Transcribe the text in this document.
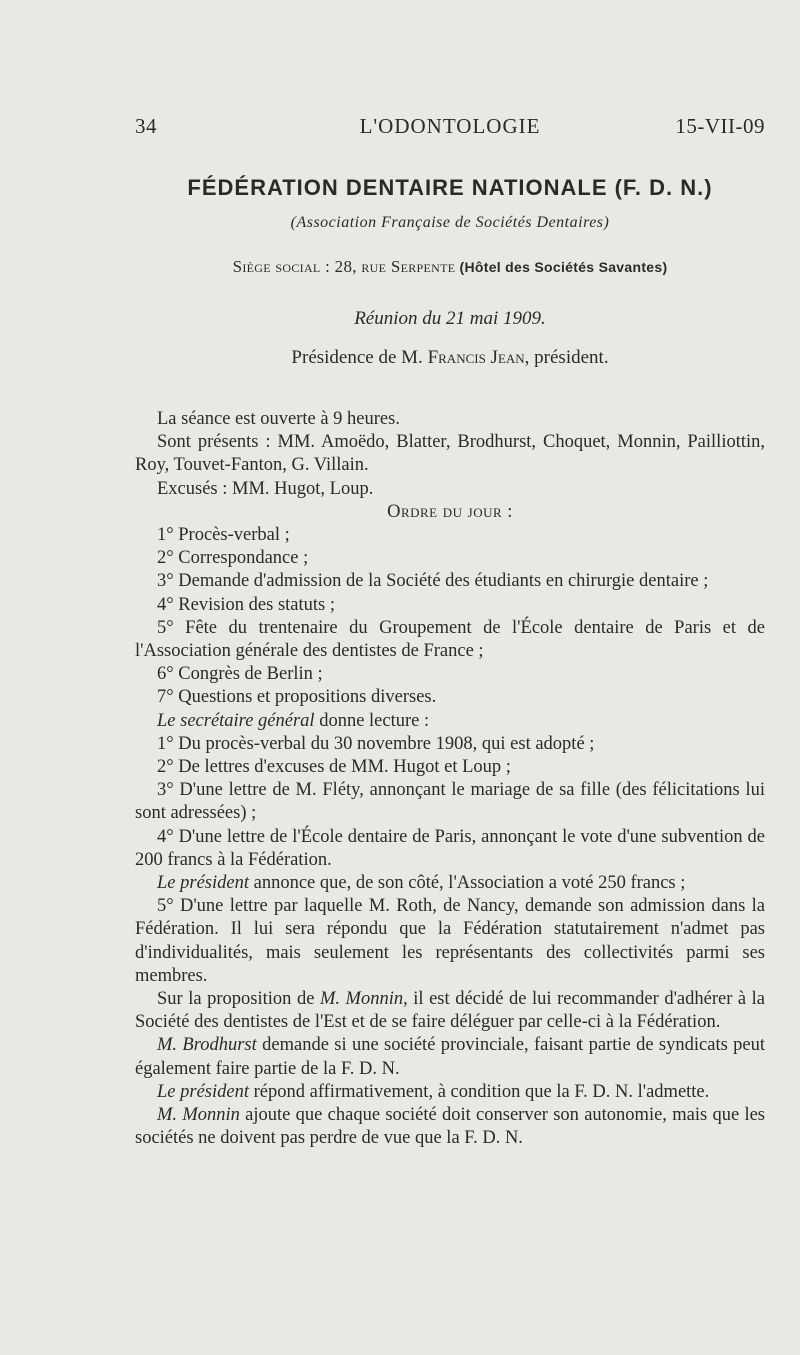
34	L'ODONTOLOGIE	15-VII-09
FÉDÉRATION DENTAIRE NATIONALE (F. D. N.)
(Association Française de Sociétés Dentaires)
Siège social : 28, rue Serpente (Hôtel des Sociétés Savantes)
Réunion du 21 mai 1909.
Présidence de M. Francis Jean, président.

La séance est ouverte à 9 heures.

Sont présents : MM. Amoëdo, Blatter, Brodhurst, Choquet, Monnin, Pailliottin, Roy, Touvet-Fanton, G. Villain.

Excusés : MM. Hugot, Loup.

Ordre du jour :

1° Procès-verbal ;

2° Correspondance ;

3° Demande d'admission de la Société des étudiants en chirurgie dentaire ;

4° Revision des statuts ;

5° Fête du trentenaire du Groupement de l'École dentaire de Paris et de l'Association générale des dentistes de France ;

6° Congrès de Berlin ;

7° Questions et propositions diverses.

Le secrétaire général donne lecture :

1° Du procès-verbal du 30 novembre 1908, qui est adopté ;

2° De lettres d'excuses de MM. Hugot et Loup ;

3° D'une lettre de M. Fléty, annonçant le mariage de sa fille (des félicitations lui sont adressées) ;

4° D'une lettre de l'École dentaire de Paris, annonçant le vote d'une subvention de 200 francs à la Fédération.

Le président annonce que, de son côté, l'Association a voté 250 francs ;

5° D'une lettre par laquelle M. Roth, de Nancy, demande son admission dans la Fédération. Il lui sera répondu que la Fédération statutairement n'admet pas d'individualités, mais seulement les représentants des collectivités parmi ses membres.

Sur la proposition de M. Monnin, il est décidé de lui recommander d'adhérer à la Société des dentistes de l'Est et de se faire déléguer par celle-ci à la Fédération.

M. Brodhurst demande si une société provinciale, faisant partie de syndicats peut également faire partie de la F. D. N.

Le président répond affirmativement, à condition que la F. D. N. l'admette.

M. Monnin ajoute que chaque société doit conserver son autonomie, mais que les sociétés ne doivent pas perdre de vue que la F. D. N.
